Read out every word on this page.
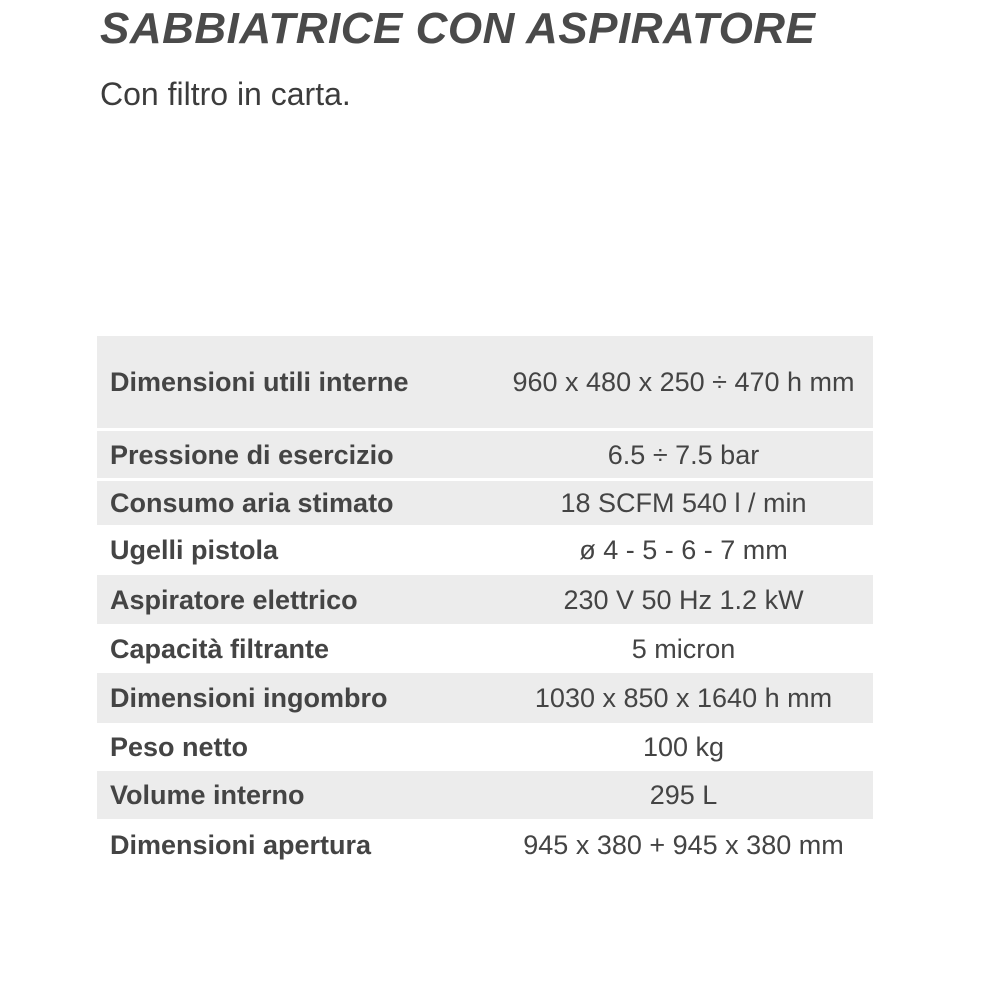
SABBIATRICE CON ASPIRATORE

Con filtro in carta.

Dimensioni utili interne	960 x 480 x 250 ÷ 470 h mm
Pressione di esercizio	6.5 ÷ 7.5 bar
Consumo aria stimato	18 SCFM 540 l / min
Ugelli pistola	ø 4 - 5 - 6 - 7 mm
Aspiratore elettrico	230 V 50 Hz 1.2 kW
Capacità filtrante	5 micron
Dimensioni ingombro	1030 x 850 x 1640 h mm
Peso netto	100 kg
Volume interno	295 L
Dimensioni apertura	945 x 380 + 945 x 380 mm
